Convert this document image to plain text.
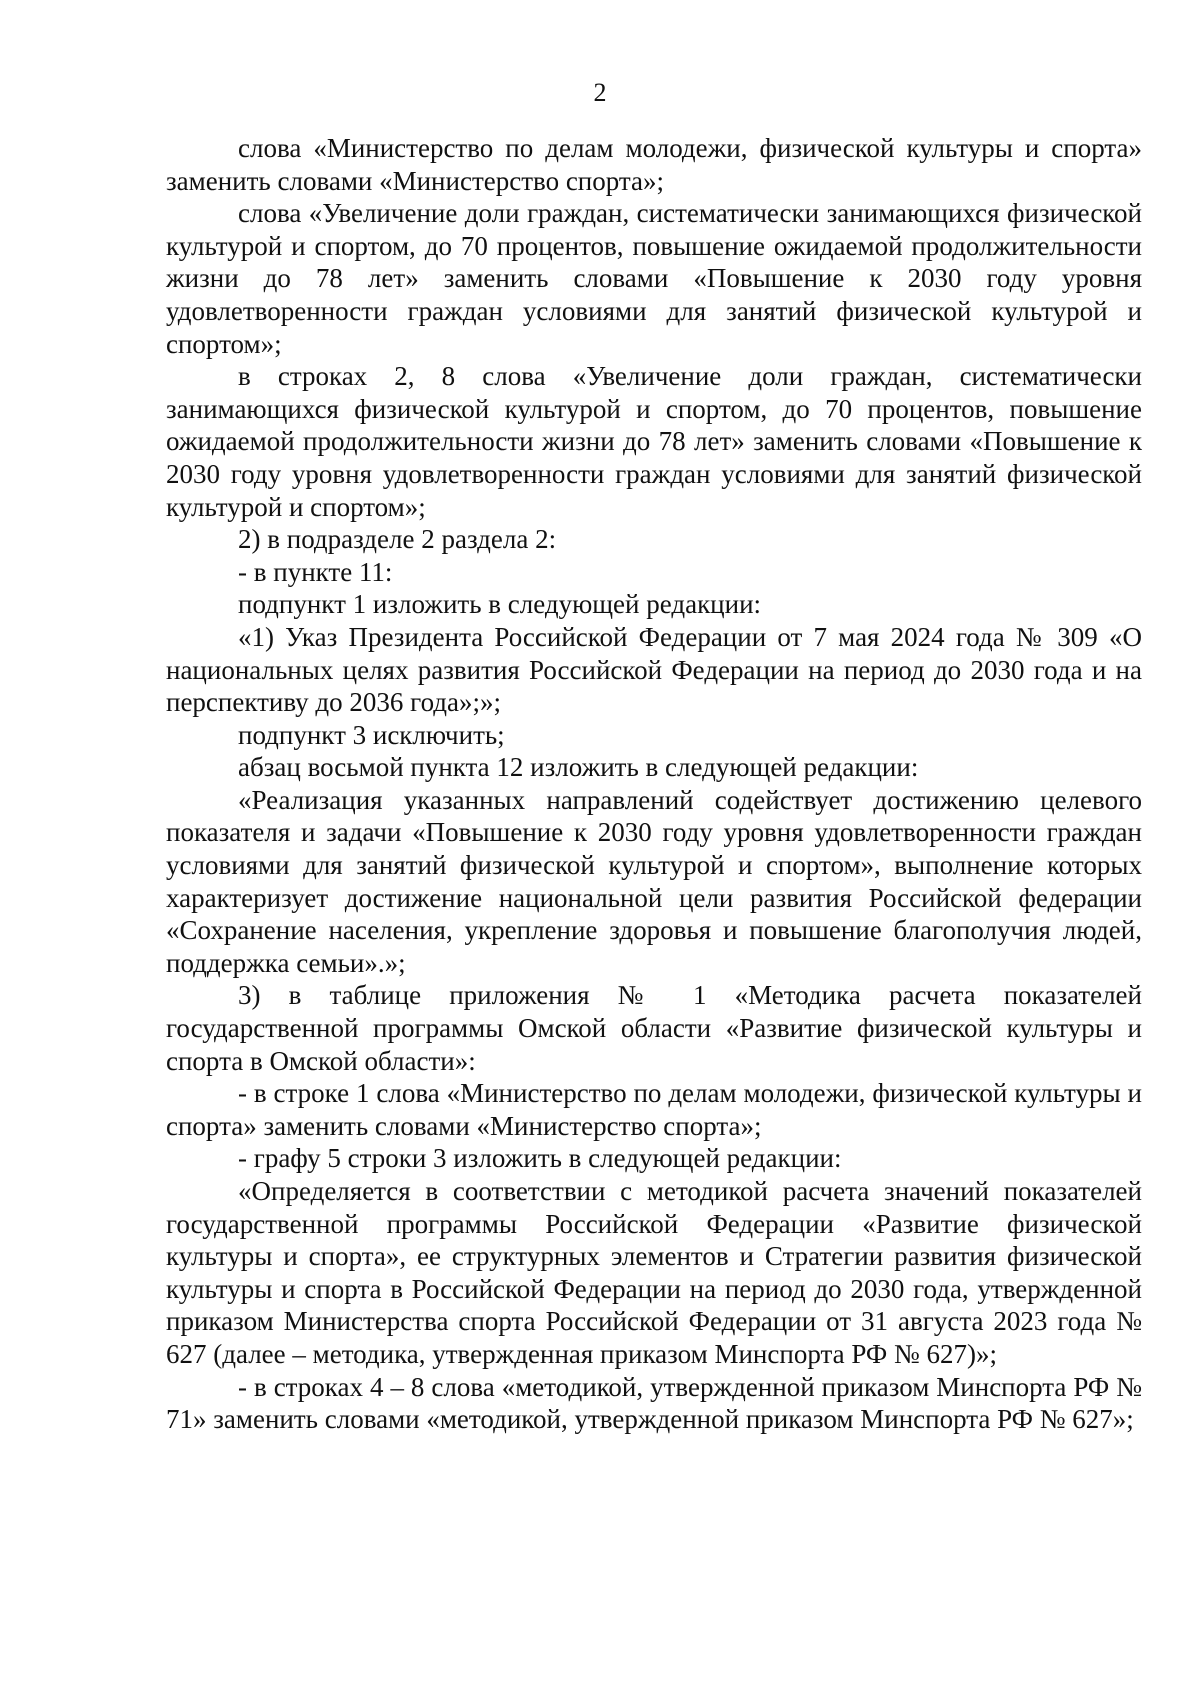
2

слова «Министерство по делам молодежи, физической культуры и спорта» заменить словами «Министерство спорта»;

слова «Увеличение доли граждан, систематически занимающихся физической культурой и спортом, до 70 процентов, повышение ожидаемой продолжительности жизни до 78 лет» заменить словами «Повышение к 2030 году уровня удовлетворенности граждан условиями для занятий физической культурой и спортом»;

в строках 2, 8 слова «Увеличение доли граждан, систематически занимающихся физической культурой и спортом, до 70 процентов, повышение ожидаемой продолжительности жизни до 78 лет» заменить словами «Повышение к 2030 году уровня удовлетворенности граждан условиями для занятий физической культурой и спортом»;

2) в подразделе 2 раздела 2:

- в пункте 11:

подпункт 1 изложить в следующей редакции:

«1) Указ Президента Российской Федерации от 7 мая 2024 года № 309 «О национальных целях развития Российской Федерации на период до 2030 года и на перспективу до 2036 года»;»;

подпункт 3 исключить;

абзац восьмой пункта 12 изложить в следующей редакции:

«Реализация указанных направлений содействует достижению целевого показателя и задачи «Повышение к 2030 году уровня удовлетворенности граждан условиями для занятий физической культурой и спортом», выполнение которых характеризует достижение национальной цели развития Российской федерации «Сохранение населения, укрепление здоровья и повышение благополучия людей, поддержка семьи».»;

3) в таблице приложения № 1 «Методика расчета показателей государственной программы Омской области «Развитие физической культуры и спорта в Омской области»:

- в строке 1 слова «Министерство по делам молодежи, физической культуры и спорта» заменить словами «Министерство спорта»;

- графу 5 строки 3 изложить в следующей редакции:

«Определяется в соответствии с методикой расчета значений показателей государственной программы Российской Федерации «Развитие физической культуры и спорта», ее структурных элементов и Стратегии развития физической культуры и спорта в Российской Федерации на период до 2030 года, утвержденной приказом Министерства спорта Российской Федерации от 31 августа 2023 года № 627 (далее – методика, утвержденная приказом Минспорта РФ № 627)»;

- в строках 4 – 8 слова «методикой, утвержденной приказом Минспорта РФ № 71» заменить словами «методикой, утвержденной приказом Минспорта РФ № 627»;
